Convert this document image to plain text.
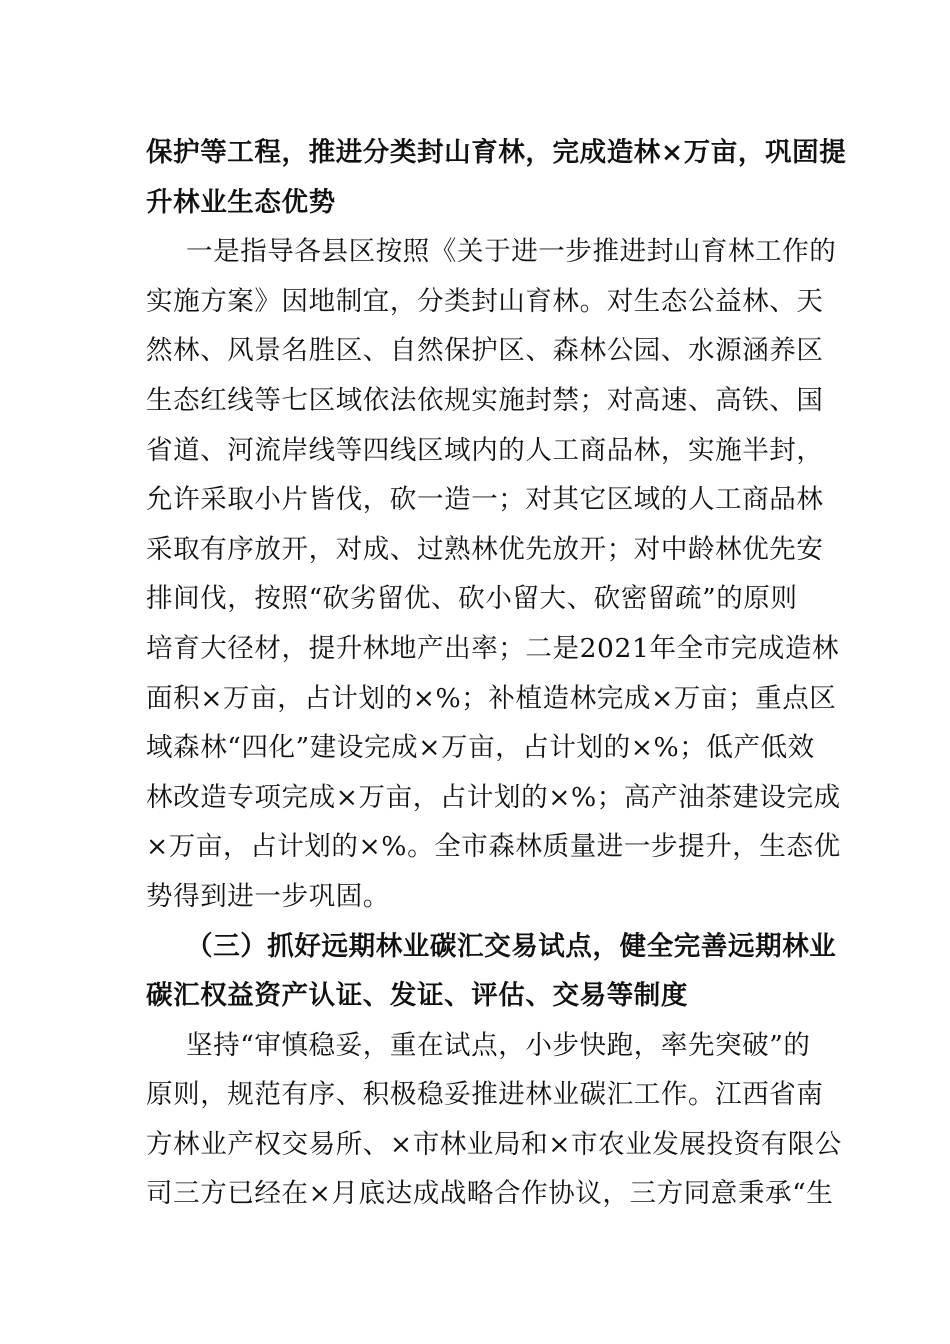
保护等工程，推进分类封山育林，完成造林×万亩，巩固提
升林业生态优势
一是指导各县区按照《关于进一步推进封山育林工作的
实施方案》因地制宜，分类封山育林。对生态公益林、天
然林、风景名胜区、自然保护区、森林公园、水源涵养区
生态红线等七区域依法依规实施封禁；对高速、高铁、国
省道、河流岸线等四线区域内的人工商品林，实施半封，
允许采取小片皆伐，砍一造一；对其它区域的人工商品林
采取有序放开，对成、过熟林优先放开；对中龄林优先安
排间伐，按照“砍劣留优、砍小留大、砍密留疏”的原则
培育大径材，提升林地产出率；二是2021年全市完成造林
面积×万亩，占计划的×%；补植造林完成×万亩；重点区
域森林“四化”建设完成×万亩，占计划的×%；低产低效
林改造专项完成×万亩，占计划的×%；高产油茶建设完成
×万亩，占计划的×%。全市森林质量进一步提升，生态优
势得到进一步巩固。
（三）抓好远期林业碳汇交易试点，健全完善远期林业
碳汇权益资产认证、发证、评估、交易等制度
坚持“审慎稳妥，重在试点，小步快跑，率先突破”的
原则，规范有序、积极稳妥推进林业碳汇工作。江西省南
方林业产权交易所、×市林业局和×市农业发展投资有限公
司三方已经在×月底达成战略合作协议，三方同意秉承“生
